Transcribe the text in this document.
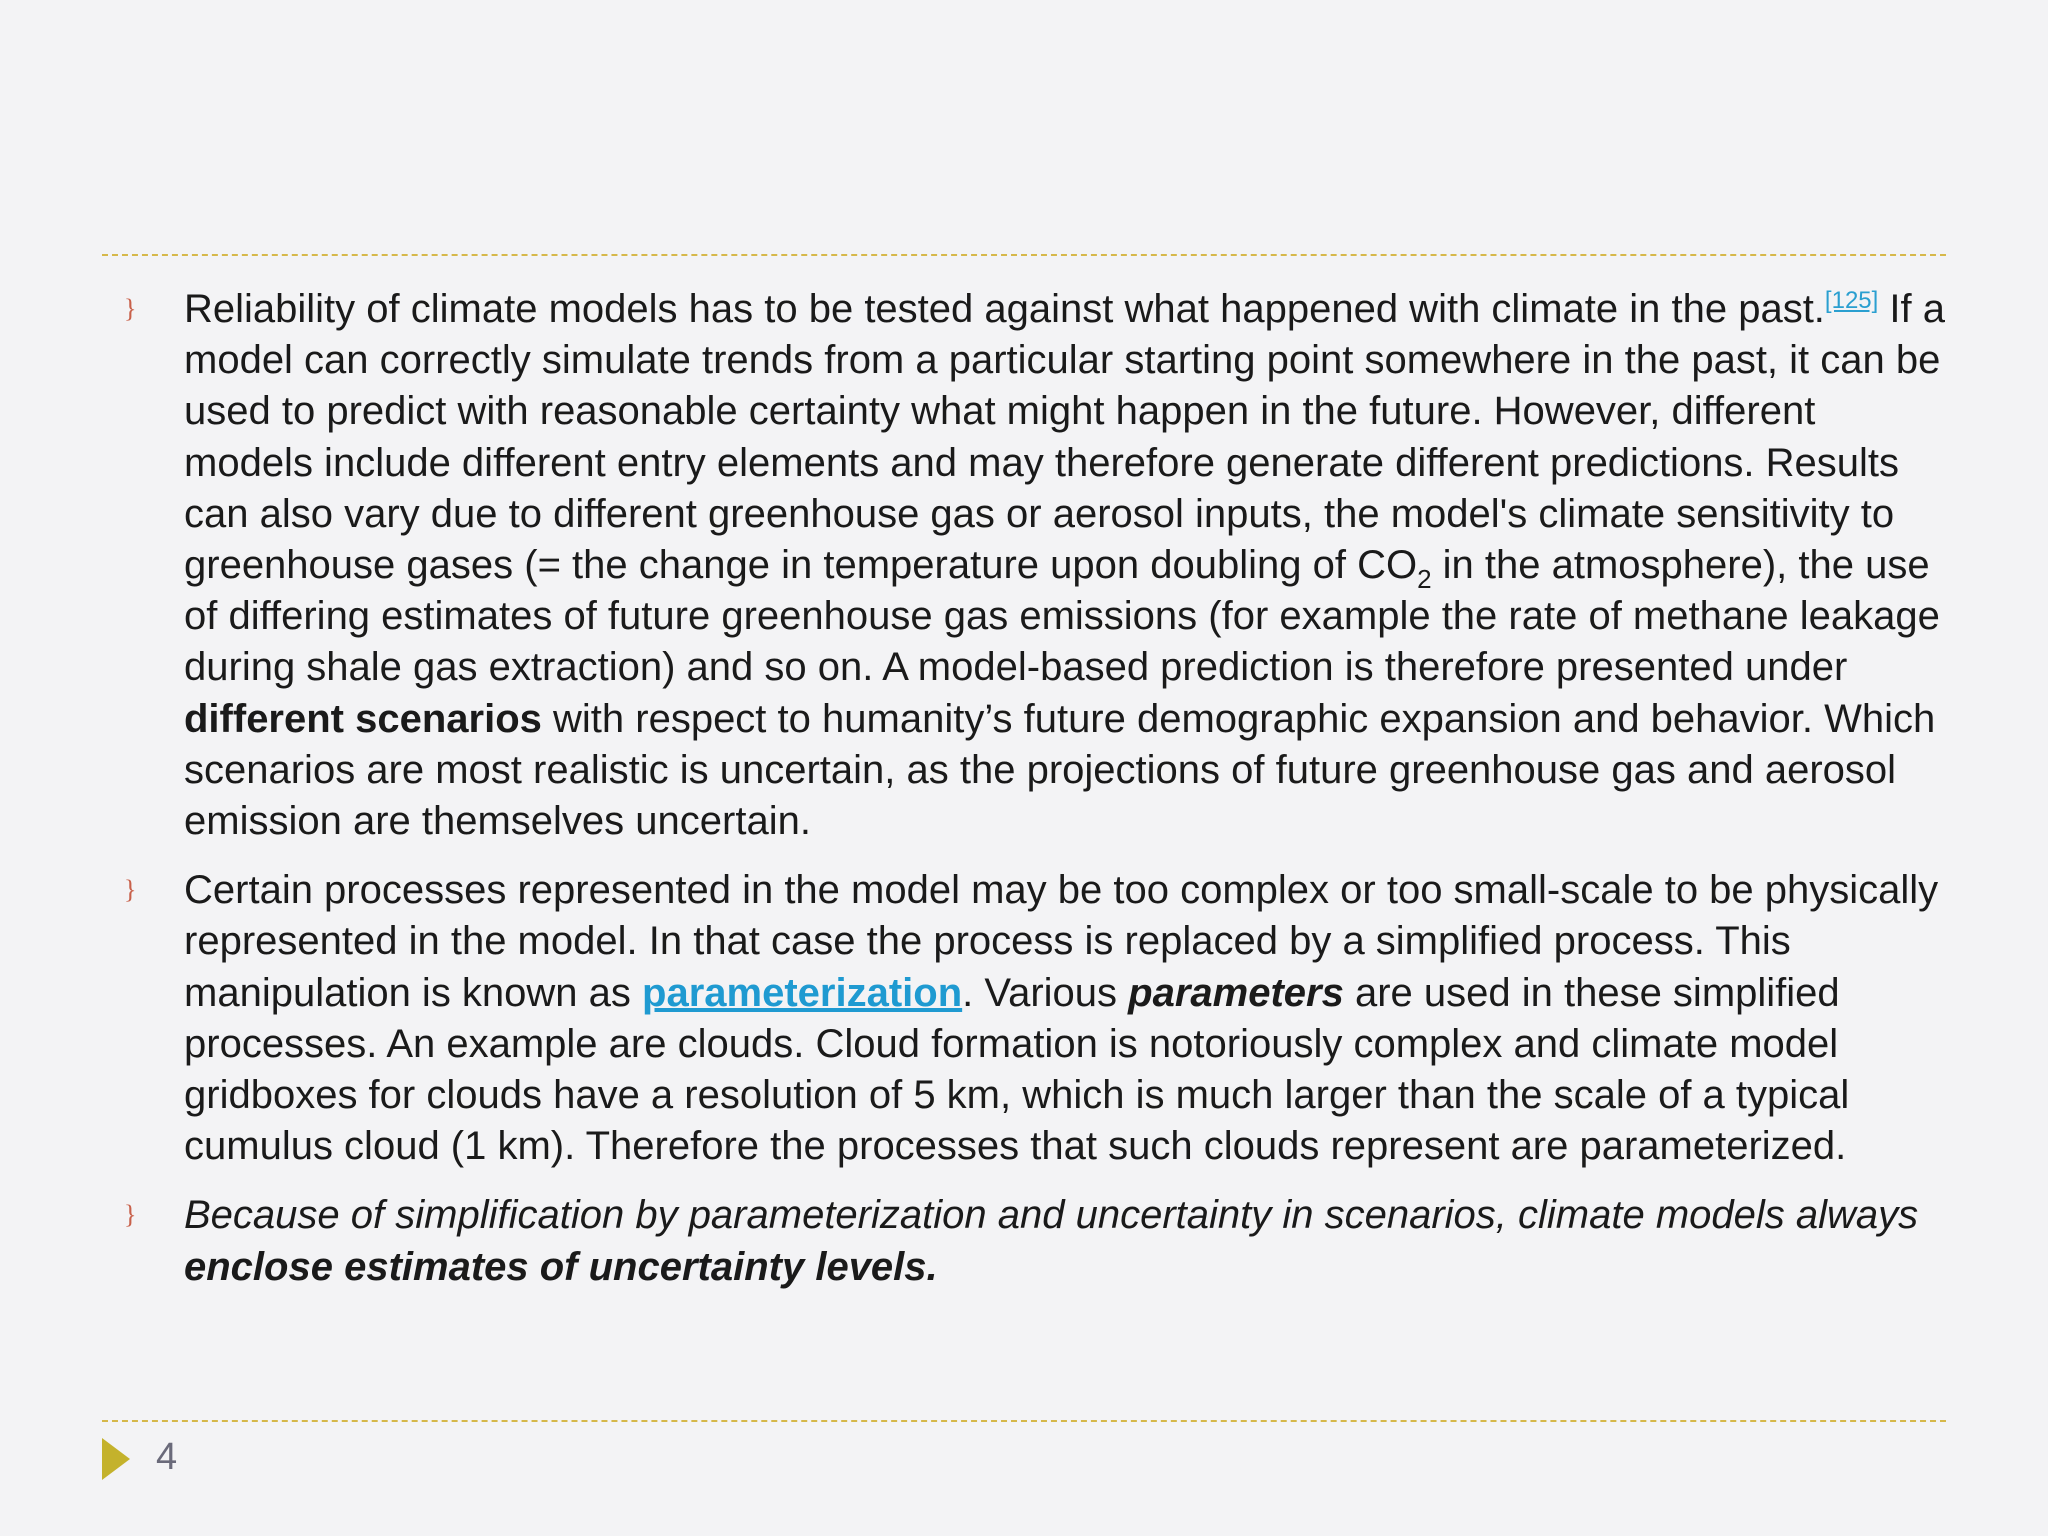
} Reliability of climate models has to be tested against what happened with climate in the past.[125] If a model can correctly simulate trends from a particular starting point somewhere in the past, it can be used to predict with reasonable certainty what might happen in the future. However, different models include different entry elements and may therefore generate different predictions. Results can also vary due to different greenhouse gas or aerosol inputs, the model's climate sensitivity to greenhouse gases (= the change in temperature upon doubling of $CO_2$ in the atmosphere), the use of differing estimates of future greenhouse gas emissions (for example the rate of methane leakage during shale gas extraction) and so on. A model-based prediction is therefore presented under different scenarios with respect to humanity’s future demographic expansion and behavior. Which scenarios are most realistic is uncertain, as the projections of future greenhouse gas and aerosol emission are themselves uncertain.
} Certain processes represented in the model may be too complex or too small-scale to be physically represented in the model. In that case the process is replaced by a simplified process. This manipulation is known as parameterization. Various parameters are used in these simplified processes. An example are clouds. Cloud formation is notoriously complex and climate model gridboxes for clouds have a resolution of 5 km, which is much larger than the scale of a typical cumulus cloud (1 km). Therefore the processes that such clouds represent are parameterized.
} Because of simplification by parameterization and uncertainty in scenarios, climate models always enclose estimates of uncertainty levels.
4
